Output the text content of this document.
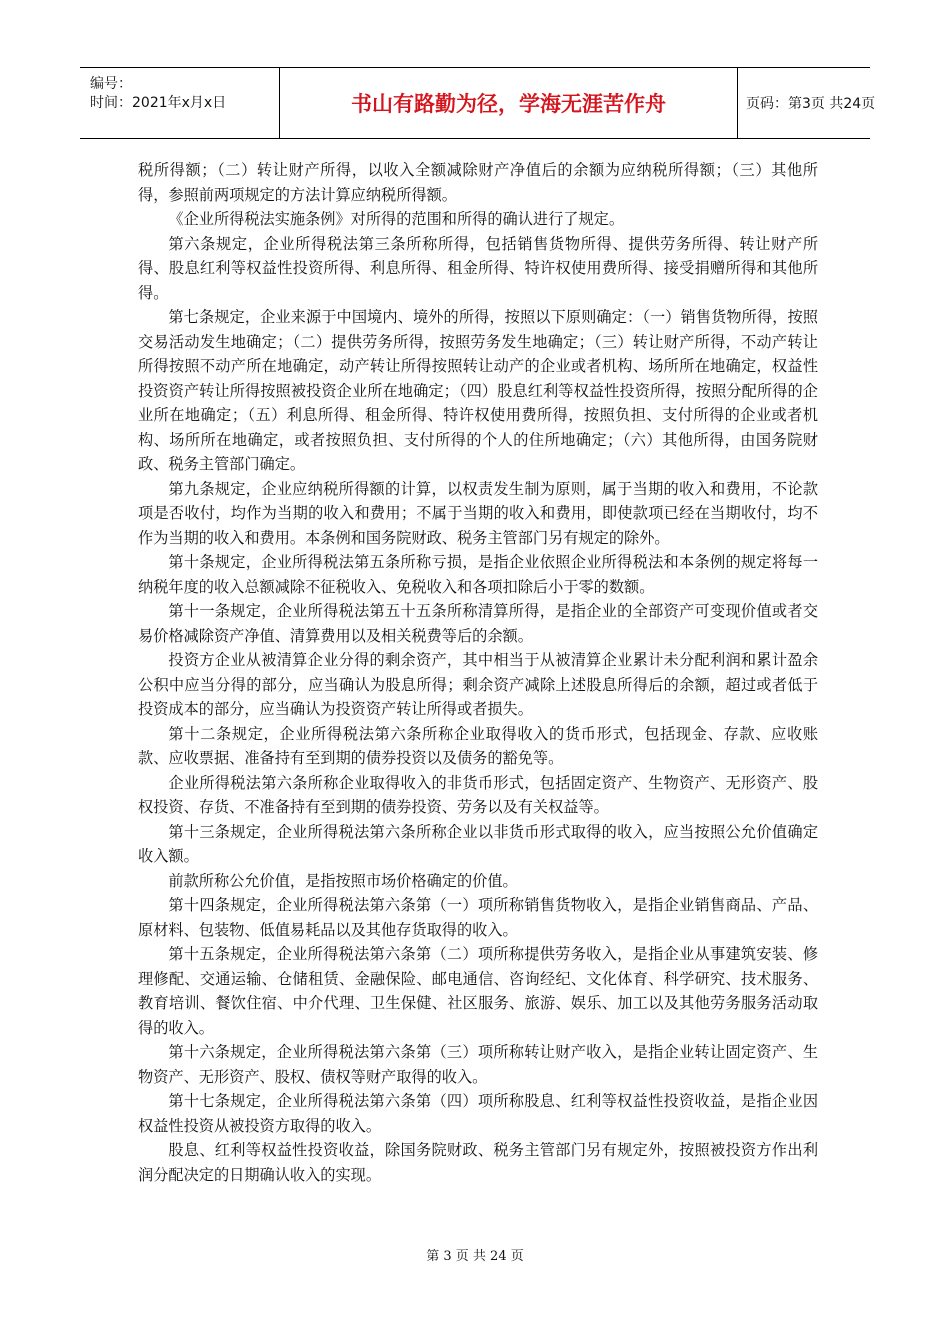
编号：
时间：2021年x月x日	书山有路勤为径，学海无涯苦作舟	页码：第3页 共24页

税所得额；（二）转让财产所得，以收入全额减除财产净值后的余额为应纳税所得额；（三）其他所得，参照前两项规定的方法计算应纳税所得额。

《企业所得税法实施条例》对所得的范围和所得的确认进行了规定。

第六条规定，企业所得税法第三条所称所得，包括销售货物所得、提供劳务所得、转让财产所得、股息红利等权益性投资所得、利息所得、租金所得、特许权使用费所得、接受捐赠所得和其他所得。

第七条规定，企业来源于中国境内、境外的所得，按照以下原则确定：（一）销售货物所得，按照交易活动发生地确定；（二）提供劳务所得，按照劳务发生地确定；（三）转让财产所得，不动产转让所得按照不动产所在地确定，动产转让所得按照转让动产的企业或者机构、场所所在地确定，权益性投资资产转让所得按照被投资企业所在地确定；（四）股息红利等权益性投资所得，按照分配所得的企业所在地确定；（五）利息所得、租金所得、特许权使用费所得，按照负担、支付所得的企业或者机构、场所所在地确定，或者按照负担、支付所得的个人的住所地确定；（六）其他所得，由国务院财政、税务主管部门确定。

第九条规定，企业应纳税所得额的计算，以权责发生制为原则，属于当期的收入和费用，不论款项是否收付，均作为当期的收入和费用；不属于当期的收入和费用，即使款项已经在当期收付，均不作为当期的收入和费用。本条例和国务院财政、税务主管部门另有规定的除外。

第十条规定，企业所得税法第五条所称亏损，是指企业依照企业所得税法和本条例的规定将每一纳税年度的收入总额减除不征税收入、免税收入和各项扣除后小于零的数额。

第十一条规定，企业所得税法第五十五条所称清算所得，是指企业的全部资产可变现价值或者交易价格减除资产净值、清算费用以及相关税费等后的余额。

投资方企业从被清算企业分得的剩余资产，其中相当于从被清算企业累计未分配利润和累计盈余公积中应当分得的部分，应当确认为股息所得；剩余资产减除上述股息所得后的余额，超过或者低于投资成本的部分，应当确认为投资资产转让所得或者损失。

第十二条规定，企业所得税法第六条所称企业取得收入的货币形式，包括现金、存款、应收账款、应收票据、准备持有至到期的债券投资以及债务的豁免等。

企业所得税法第六条所称企业取得收入的非货币形式，包括固定资产、生物资产、无形资产、股权投资、存货、不准备持有至到期的债券投资、劳务以及有关权益等。

第十三条规定，企业所得税法第六条所称企业以非货币形式取得的收入，应当按照公允价值确定收入额。

前款所称公允价值，是指按照市场价格确定的价值。

第十四条规定，企业所得税法第六条第（一）项所称销售货物收入，是指企业销售商品、产品、原材料、包装物、低值易耗品以及其他存货取得的收入。

第十五条规定，企业所得税法第六条第（二）项所称提供劳务收入，是指企业从事建筑安装、修理修配、交通运输、仓储租赁、金融保险、邮电通信、咨询经纪、文化体育、科学研究、技术服务、教育培训、餐饮住宿、中介代理、卫生保健、社区服务、旅游、娱乐、加工以及其他劳务服务活动取得的收入。

第十六条规定，企业所得税法第六条第（三）项所称转让财产收入，是指企业转让固定资产、生物资产、无形资产、股权、债权等财产取得的收入。

第十七条规定，企业所得税法第六条第（四）项所称股息、红利等权益性投资收益，是指企业因权益性投资从被投资方取得的收入。

股息、红利等权益性投资收益，除国务院财政、税务主管部门另有规定外，按照被投资方作出利润分配决定的日期确认收入的实现。

第 3 页 共 24 页
